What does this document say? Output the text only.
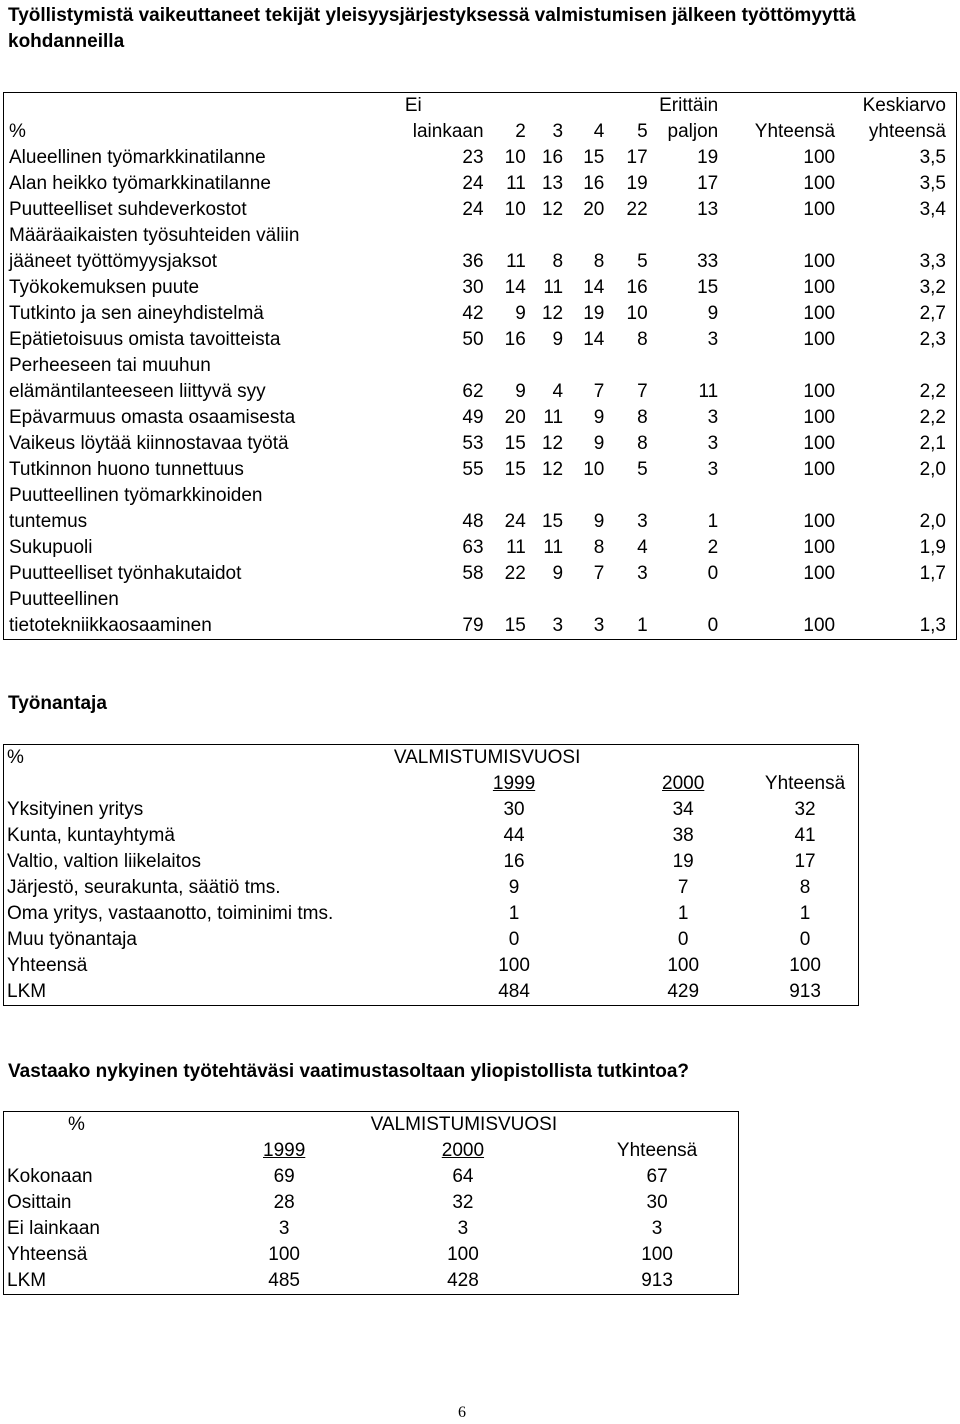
Työllistymistä vaikeuttaneet tekijät yleisyysjärjestyksessä valmistumisen jälkeen työttömyyttä kohdanneilla
	Ei					Erittäin		Keskiarvo
%	lainkaan	2	3	4	5	paljon	Yhteensä	yhteensä
Alueellinen työmarkkinatilanne	23	10	16	15	17	19	100	3,5
Alan heikko työmarkkinatilanne	24	11	13	16	19	17	100	3,5
Puutteelliset suhdeverkostot	24	10	12	20	22	13	100	3,4
Määräaikaisten työsuhteiden väliin								
jääneet työttömyysjaksot	36	11	8	8	5	33	100	3,3
Työkokemuksen puute	30	14	11	14	16	15	100	3,2
Tutkinto ja sen aineyhdistelmä	42	9	12	19	10	9	100	2,7
Epätietoisuus omista tavoitteista	50	16	9	14	8	3	100	2,3
Perheeseen tai muuhun								
elämäntilanteeseen liittyvä syy	62	9	4	7	7	11	100	2,2
Epävarmuus omasta osaamisesta	49	20	11	9	8	3	100	2,2
Vaikeus löytää kiinnostavaa työtä	53	15	12	9	8	3	100	2,1
Tutkinnon huono tunnettuus	55	15	12	10	5	3	100	2,0
Puutteellinen työmarkkinoiden								
tuntemus	48	24	15	9	3	1	100	2,0
Sukupuoli	63	11	11	8	4	2	100	1,9
Puutteelliset työnhakutaidot	58	22	9	7	3	0	100	1,7
Puutteellinen								
tietotekniikkaosaaminen	79	15	3	3	1	0	100	1,3
Työnantaja
%	VALMISTUMISVUOSI		
	1999	2000	Yhteensä
Yksityinen yritys	30	34	32
Kunta, kuntayhtymä	44	38	41
Valtio, valtion liikelaitos	16	19	17
Järjestö, seurakunta, säätiö tms.	9	7	8
Oma yritys, vastaanotto, toiminimi tms.	1	1	1
Muu työnantaja	0	0	0
Yhteensä	100	100	100
LKM	484	429	913
Vastaako nykyinen työtehtäväsi vaatimustasoltaan yliopistollista tutkintoa?
%	VALMISTUMISVUOSI		
	1999	2000	Yhteensä
Kokonaan	69	64	67
Osittain	28	32	30
Ei lainkaan	3	3	3
Yhteensä	100	100	100
LKM	485	428	913
6
